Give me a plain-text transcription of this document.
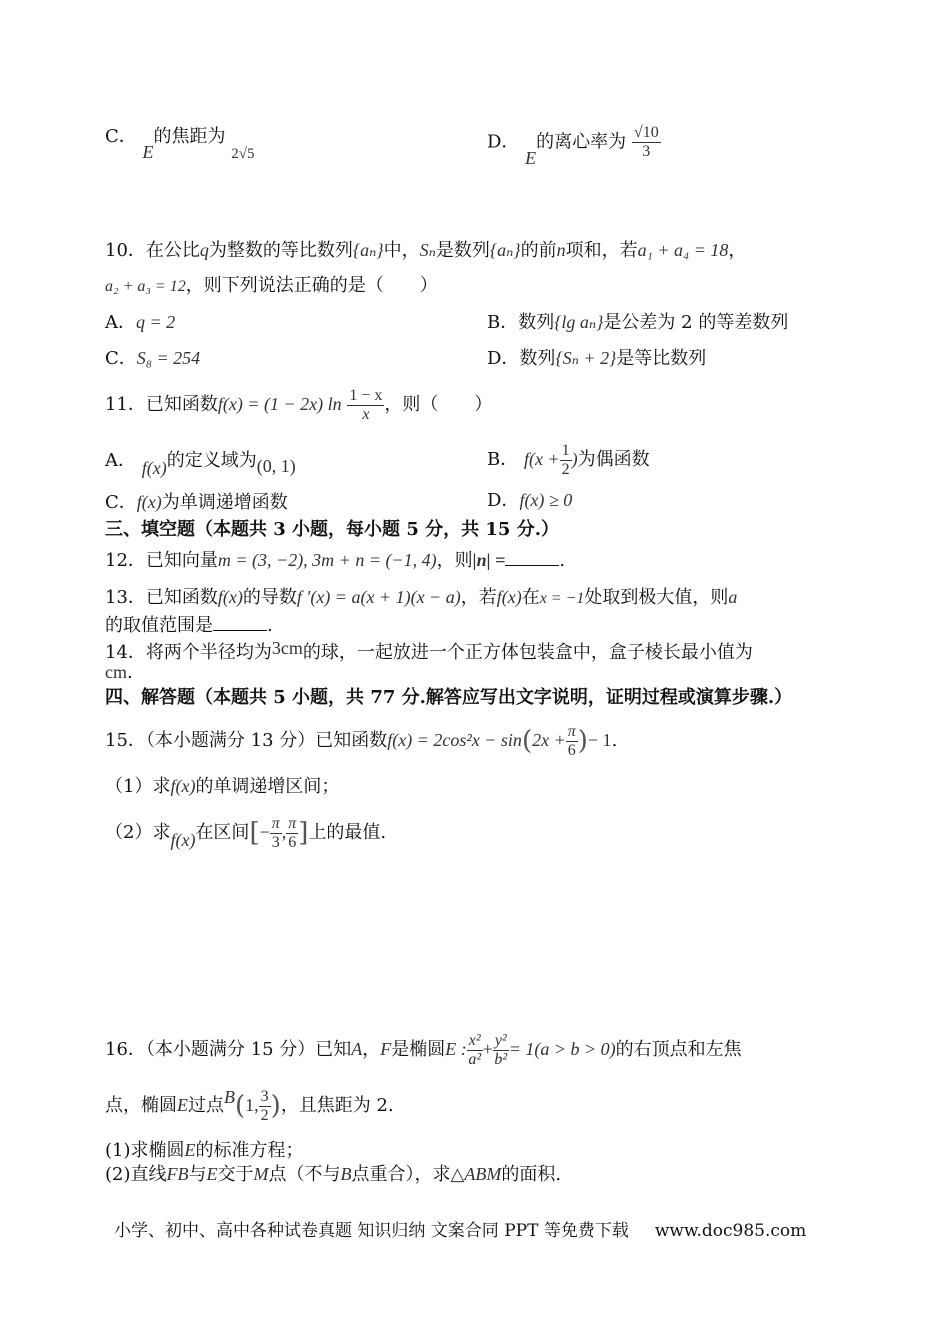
C． E的焦距为 $_{2√5}$
D． E的离心率为 $\frac{√10}{3}$
10．在公比q为整数的等比数列{aₙ}中，Sₙ是数列{aₙ}的前n项和，若a₁ + a₄ = 18，
a₂ + a₃ = 12，则下列说法正确的是（　　）
A．q = 2	B．数列{lg aₙ}是公差为 2 的等差数列
C．S₈ = 254	D．数列{Sₙ + 2}是等比数列
11．已知函数f(x) = (1 − 2x) $\ln \frac{1 - x}{x}$ ，则（　　）
A． f(x)的定义域为(0, 1)	B． $f(x + \frac{1}{2}$ )为偶函数
C．f(x)为单调递增函数	D．f(x) ≥ 0
三、填空题（本题共 3 小题，每小题 5 分，共 15 分.）
12．已知向量m = (3, −2), 3m + n = (−1, 4)，则|n| =	.
13．已知函数f(x)的导数f ′(x) = a(x + 1)(x − a)，若f(x)在x = −1处取到极大值，则a
的取值范围是	.
14．将两个半径均为3cm的球，一起放进一个正方体包装盒中，盒子棱长最小值为
cm.
四、解答题（本题共 5 小题，共 77 分.解答应写出文字说明，证明过程或演算步骤.）
15．（本小题满分 13 分）已知函数$f(x) = 2\cos^2x - \sin(2x + \frac{\pi}{6}$ )− 1.
（1）求f(x)的单调递增区间；
（2）求f(x)在区间[− $\frac{\pi}{3}$ , $\frac{\pi}{6}$ ]上的最值.
16．（本小题满分 15 分）已知A，F是椭圆E : $\frac{\text{x²}}{\text{a²}} + \frac{\text{y²}}{\text{b²}} = 1(a > b > 0)$的右顶点和左焦
点，椭圆E过点B(1, $\frac{3}{2}$ )，且焦距为 2.
(1)求椭圆E的标准方程；
(2)直线FB与E交于M点（不与B点重合），求△ABM的面积.
小学、初中、高中各种试卷真题 知识归纳 文案合同 PPT 等免费下载 www.doc985.com
